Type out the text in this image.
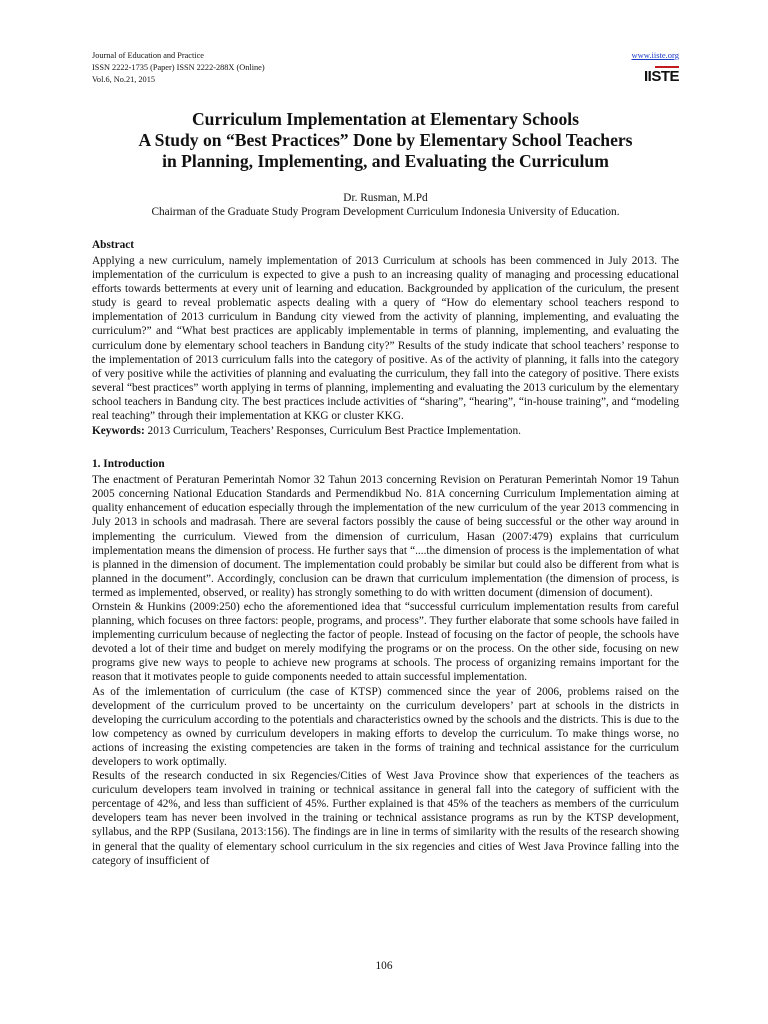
Journal of Education and Practice
ISSN 2222-1735 (Paper) ISSN 2222-288X (Online)
Vol.6, No.21, 2015
www.iiste.org
IISTE
Curriculum Implementation at Elementary Schools
A Study on “Best Practices” Done by Elementary School Teachers
in Planning, Implementing, and Evaluating the Curriculum
Dr. Rusman, M.Pd
Chairman of the Graduate Study Program Development Curriculum Indonesia University of Education.
Abstract

Applying a new curriculum, namely implementation of 2013 Curriculum at schools has been commenced in July 2013. The implementation of the curriculum is expected to give a push to an increasing quality of managing and processing educational efforts towards betterments at every unit of learning and education. Backgrounded by application of the curiculum, the present study is geard to reveal problematic aspects dealing with a query of “How do elementary school teachers respond to implementation of 2013 curriculum in Bandung city viewed from the activity of planning, implementing, and evaluating the curriculum?” and “What best practices are applicably implementable in terms of planning, implementing, and evaluating the curriculum done by elementary school teachers in Bandung city?” Results of the study indicate that school teachers’ response to the implementation of 2013 curriculum falls into the category of positive. As of the activity of planning, it falls into the category of very positive while the activities of planning and evaluating the curriculum, they fall into the category of positive. There exists several “best practices” worth applying in terms of planning, implementing and evaluating the 2013 curiculum by the elementary school teachers in Bandung city. The best practices include activities of “sharing”, “hearing”, “in-house training”, and “modeling real teaching” through their implementation at KKG or cluster KKG.

Keywords: 2013 Curriculum, Teachers’ Responses, Curriculum Best Practice Implementation.
1. Introduction

The enactment of Peraturan Pemerintah Nomor 32 Tahun 2013 concerning Revision on Peraturan Pemerintah Nomor 19 Tahun 2005 concerning National Education Standards and Permendikbud No. 81A concerning Curriculum Implementation aiming at quality enhancement of education especially through the implementation of the new curriculum of the year 2013 commencing in July 2013 in schools and madrasah. There are several factors possibly the cause of being successful or the other way around in implementing the curriculum. Viewed from the dimension of curriculum, Hasan (2007:479) explains that curriculum implementation means the dimension of process. He further says that “....the dimension of process is the implementation of what is planned in the dimension of document. The implementation could probably be similar but could also be different from what is planned in the document”. Accordingly, conclusion can be drawn that curriculum implementation (the dimension of process, is termed as implemented, observed, or reality) has strongly something to do with written document (dimension of document).

Ornstein & Hunkins (2009:250) echo the aforementioned idea that “successful curriculum implementation results from careful planning, which focuses on three factors: people, programs, and process”. They further elaborate that some schools have failed in implementing curriculum because of neglecting the factor of people. Instead of focusing on the factor of people, the schools have devoted a lot of their time and budget on merely modifying the programs or on the process. On the other side, focusing on new programs give new ways to people to achieve new programs at schools. The process of organizing remains important for the reason that it motivates people to guide components needed to attain successful implementation.

As of the imlementation of curriculum (the case of KTSP) commenced since the year of 2006, problems raised on the development of the curriculum proved to be uncertainty on the curriculum developers’ part at schools in the districts in developing the curriculum according to the potentials and characteristics owned by the schools and the districts. This is due to the low competency as owned by curriculum developers in making efforts to develop the curriculum. To make things worse, no actions of increasing the existing competencies are taken in the forms of training and technical assistance for the curriculum developers to work optimally.

Results of the research conducted in six Regencies/Cities of West Java Province show that experiences of the teachers as curiculum developers team involved in training or technical assitance in general fall into the category of sufficient with the percentage of 42%, and less than sufficient of 45%. Further explained is that 45% of the teachers as members of the curriculum developers team has never been involved in the training or technical assistance programs as run by the KTSP development, syllabus, and the RPP (Susilana, 2013:156). The findings are in line in terms of similarity with the results of the research showing in general that the quality of elementary school curriculum in the six regencies and cities of West Java Province falling into the category of insufficient of

106
